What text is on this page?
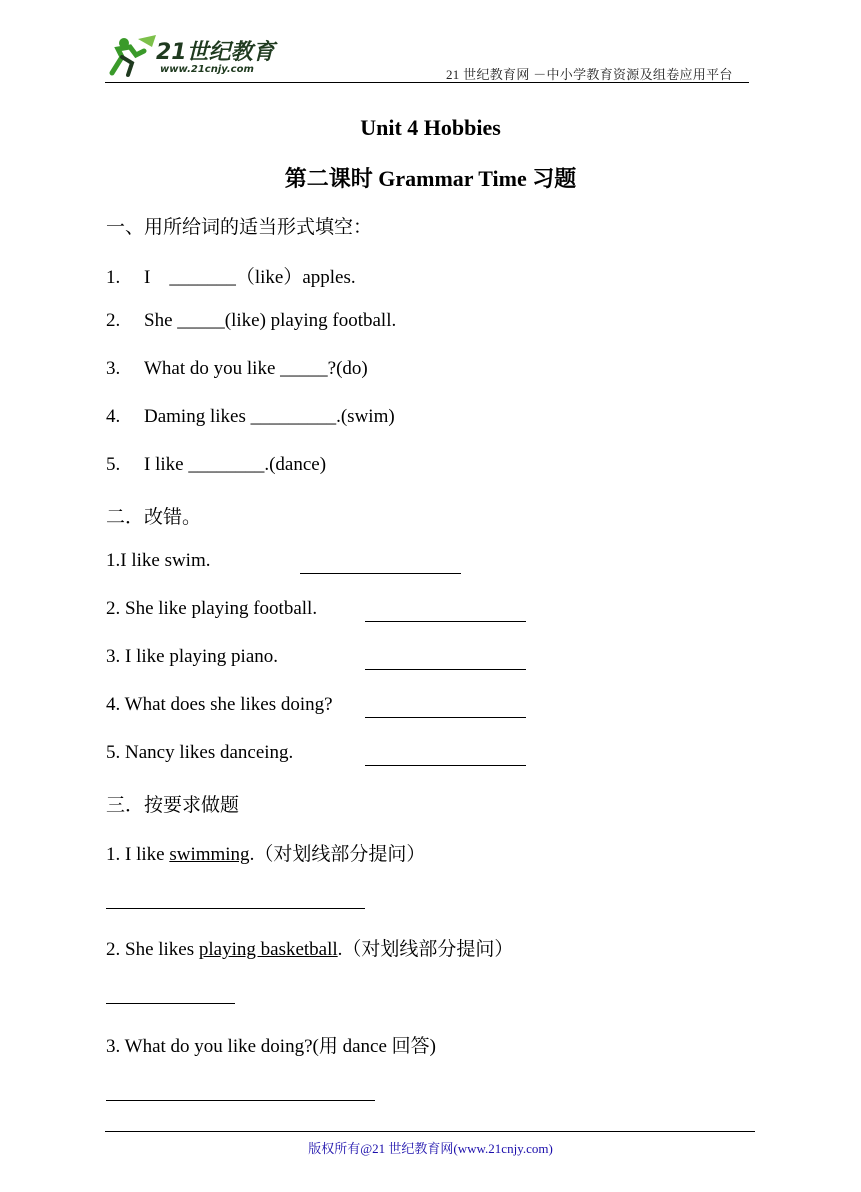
21世纪教育
www.21cnjy.com	21 世纪教育网 －中小学教育资源及组卷应用平台
Unit 4 Hobbies
第二课时 Grammar Time 习题
一、用所给词的适当形式填空：
1. I    _______（like）apples.
2. She _____(like) playing football.
3. What do you like _____?(do)
4. Daming likes _________.(swim)
5. I like ________.(dance)
二．改错。
1.I like swim.
2. She like playing football.
3. I like playing piano.
4. What does she likes doing?
5. Nancy likes danceing.
三．按要求做题
1. I like swimming.（对划线部分提问）
2. She likes playing basketball.（对划线部分提问）
3. What do you like doing?(用 dance 回答)
版权所有@21 世纪教育网(www.21cnjy.com)
